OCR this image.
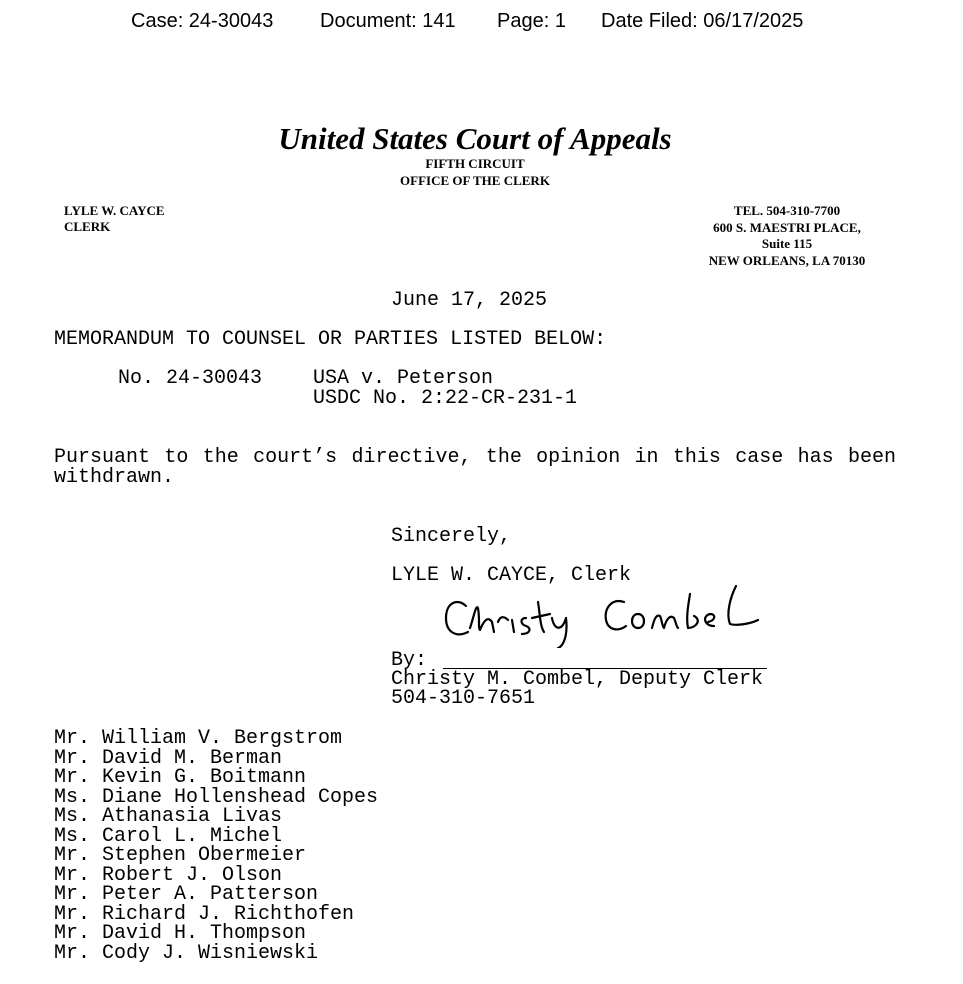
Case: 24-30043 Document: 141 Page: 1 Date Filed: 06/17/2025
United States Court of Appeals
FIFTH CIRCUIT
OFFICE OF THE CLERK
LYLE W. CAYCE
CLERK
TEL. 504-310-7700
600 S. MAESTRI PLACE,
Suite 115
NEW ORLEANS, LA 70130
June 17, 2025
MEMORANDUM TO COUNSEL OR PARTIES LISTED BELOW:
No. 24-30043	USA v. Peterson
USDC No. 2:22-CR-231-1
Pursuant to the court’s directive, the opinion in this case has been withdrawn.
Sincerely,
LYLE W. CAYCE, Clerk
By:
Christy M. Combel, Deputy Clerk
504-310-7651
Mr. William V. Bergstrom
Mr. David M. Berman
Mr. Kevin G. Boitmann
Ms. Diane Hollenshead Copes
Ms. Athanasia Livas
Ms. Carol L. Michel
Mr. Stephen Obermeier
Mr. Robert J. Olson
Mr. Peter A. Patterson
Mr. Richard J. Richthofen
Mr. David H. Thompson
Mr. Cody J. Wisniewski
